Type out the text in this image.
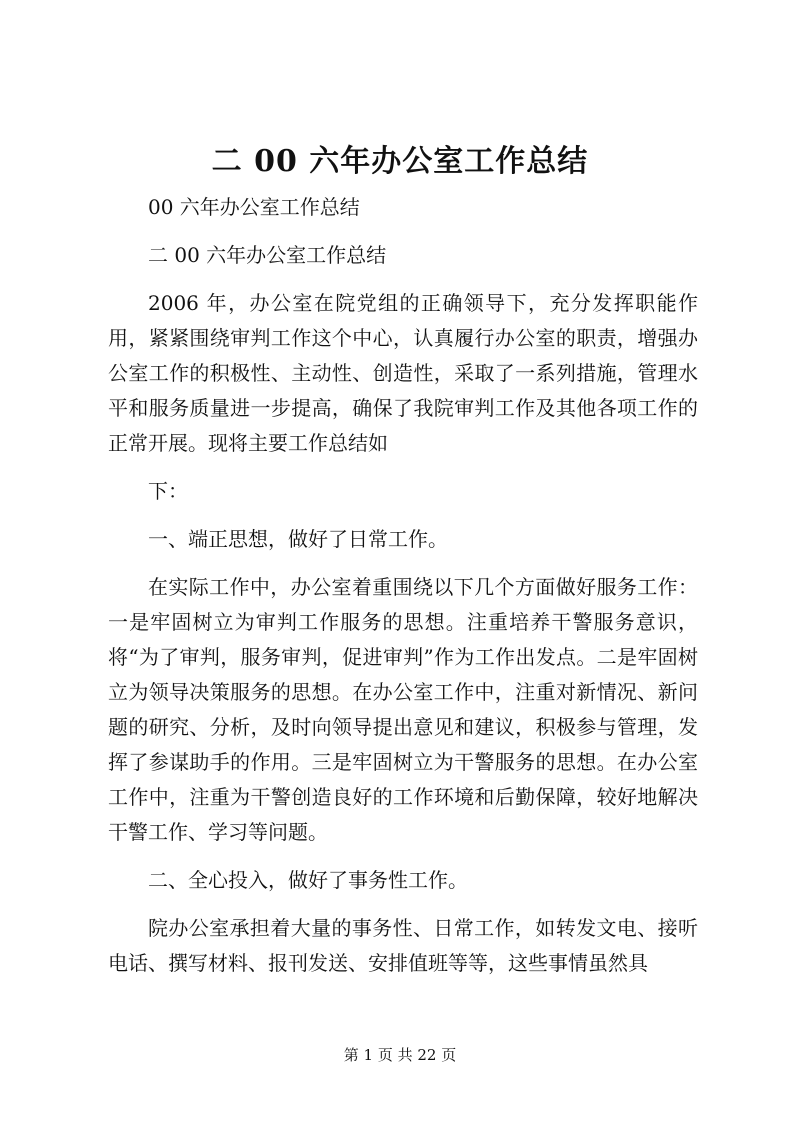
二 00 六年办公室工作总结

00 六年办公室工作总结

二 00 六年办公室工作总结

2006 年，办公室在院党组的正确领导下，充分发挥职能作用，紧紧围绕审判工作这个中心，认真履行办公室的职责，增强办公室工作的积极性、主动性、创造性，采取了一系列措施，管理水平和服务质量进一步提高，确保了我院审判工作及其他各项工作的正常开展。现将主要工作总结如

下：

一、端正思想，做好了日常工作。

在实际工作中，办公室着重围绕以下几个方面做好服务工作：一是牢固树立为审判工作服务的思想。注重培养干警服务意识，将“为了审判，服务审判，促进审判”作为工作出发点。二是牢固树立为领导决策服务的思想。在办公室工作中，注重对新情况、新问题的研究、分析，及时向领导提出意见和建议，积极参与管理，发挥了参谋助手的作用。三是牢固树立为干警服务的思想。在办公室工作中，注重为干警创造良好的工作环境和后勤保障，较好地解决干警工作、学习等问题。

二、全心投入，做好了事务性工作。

院办公室承担着大量的事务性、日常工作，如转发文电、接听电话、撰写材料、报刊发送、安排值班等等，这些事情虽然具

第 1 页 共 22 页
